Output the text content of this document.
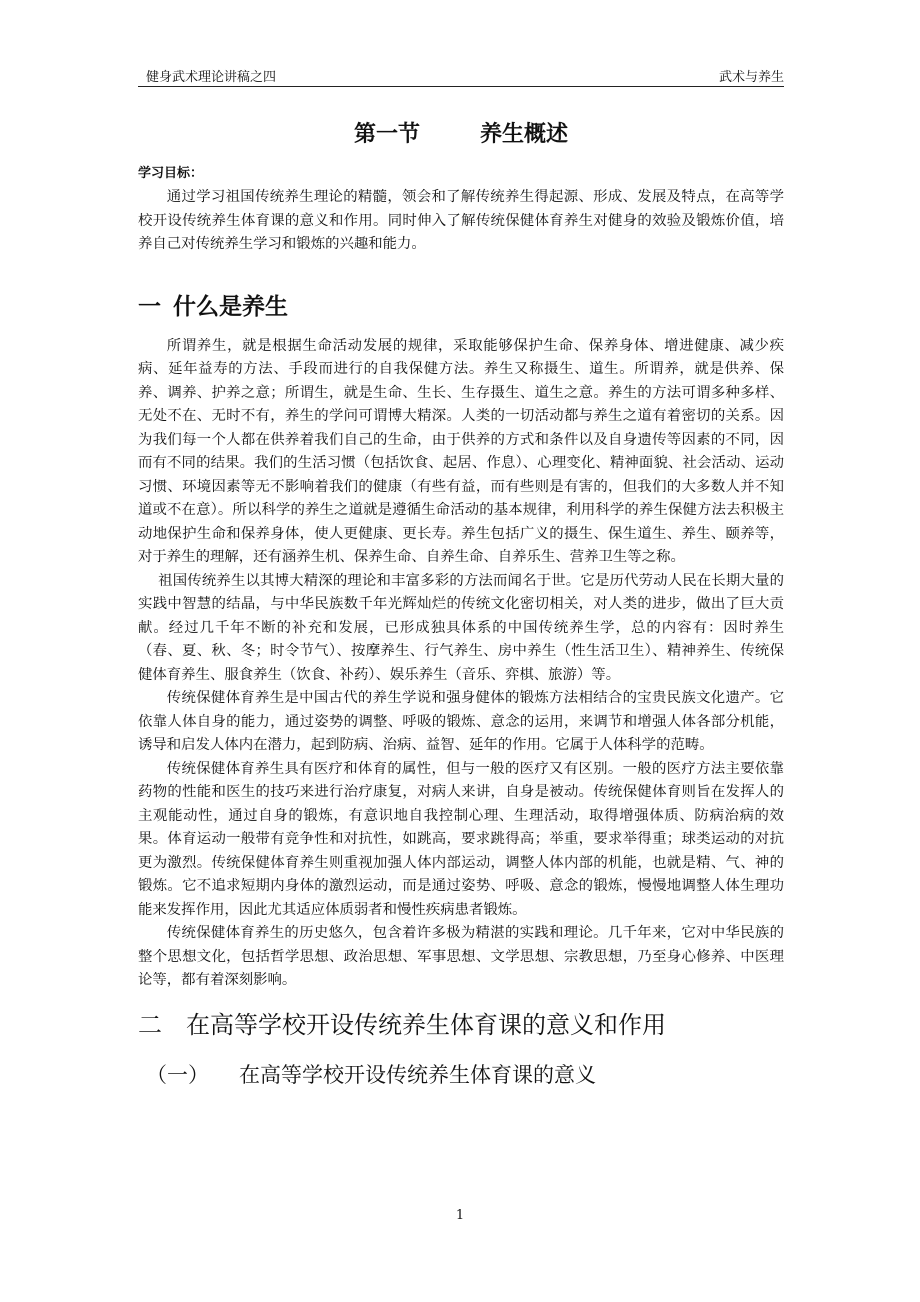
健身武术理论讲稿之四	武术与养生
第一节	养生概述
学习目标：

通过学习祖国传统养生理论的精髓，领会和了解传统养生得起源、形成、发展及特点，在高等学校开设传统养生体育课的意义和作用。同时伸入了解传统保健体育养生对健身的效验及锻炼价值，培养自己对传统养生学习和锻炼的兴趣和能力。

一 什么是养生

所谓养生，就是根据生命活动发展的规律，采取能够保护生命、保养身体、增进健康、减少疾病、延年益寿的方法、手段而进行的自我保健方法。养生又称摄生、道生。所谓养，就是供养、保养、调养、护养之意；所谓生，就是生命、生长、生存摄生、道生之意。养生的方法可谓多种多样、无处不在、无时不有，养生的学问可谓博大精深。人类的一切活动都与养生之道有着密切的关系。因为我们每一个人都在供养着我们自己的生命，由于供养的方式和条件以及自身遗传等因素的不同，因而有不同的结果。我们的生活习惯（包括饮食、起居、作息）、心理变化、精神面貌、社会活动、运动习惯、环境因素等无不影响着我们的健康（有些有益，而有些则是有害的，但我们的大多数人并不知道或不在意）。所以科学的养生之道就是遵循生命活动的基本规律，利用科学的养生保健方法去积极主动地保护生命和保养身体，使人更健康、更长寿。养生包括广义的摄生、保生道生、养生、颐养等，对于养生的理解，还有涵养生机、保养生命、自养生命、自养乐生、营养卫生等之称。

祖国传统养生以其博大精深的理论和丰富多彩的方法而闻名于世。它是历代劳动人民在长期大量的实践中智慧的结晶，与中华民族数千年光辉灿烂的传统文化密切相关，对人类的进步，做出了巨大贡献。经过几千年不断的补充和发展，已形成独具体系的中国传统养生学，总的内容有：因时养生（春、夏、秋、冬；时令节气）、按摩养生、行气养生、房中养生（性生活卫生）、精神养生、传统保健体育养生、服食养生（饮食、补药）、娱乐养生（音乐、弈棋、旅游）等。

传统保健体育养生是中国古代的养生学说和强身健体的锻炼方法相结合的宝贵民族文化遗产。它依靠人体自身的能力，通过姿势的调整、呼吸的锻炼、意念的运用，来调节和增强人体各部分机能，诱导和启发人体内在潜力，起到防病、治病、益智、延年的作用。它属于人体科学的范畴。

传统保健体育养生具有医疗和体育的属性，但与一般的医疗又有区别。一般的医疗方法主要依靠药物的性能和医生的技巧来进行治疗康复，对病人来讲，自身是被动。传统保健体育则旨在发挥人的主观能动性，通过自身的锻炼，有意识地自我控制心理、生理活动，取得增强体质、防病治病的效果。体育运动一般带有竞争性和对抗性，如跳高，要求跳得高；举重，要求举得重；球类运动的对抗更为激烈。传统保健体育养生则重视加强人体内部运动，调整人体内部的机能，也就是精、气、神的锻炼。它不追求短期内身体的激烈运动，而是通过姿势、呼吸、意念的锻炼，慢慢地调整人体生理功能来发挥作用，因此尤其适应体质弱者和慢性疾病患者锻炼。

传统保健体育养生的历史悠久，包含着许多极为精湛的实践和理论。几千年来，它对中华民族的整个思想文化，包括哲学思想、政治思想、军事思想、文学思想、宗教思想，乃至身心修养、中医理论等，都有着深刻影响。

二 在高等学校开设传统养生体育课的意义和作用
（一） 在高等学校开设传统养生体育课的意义
1
